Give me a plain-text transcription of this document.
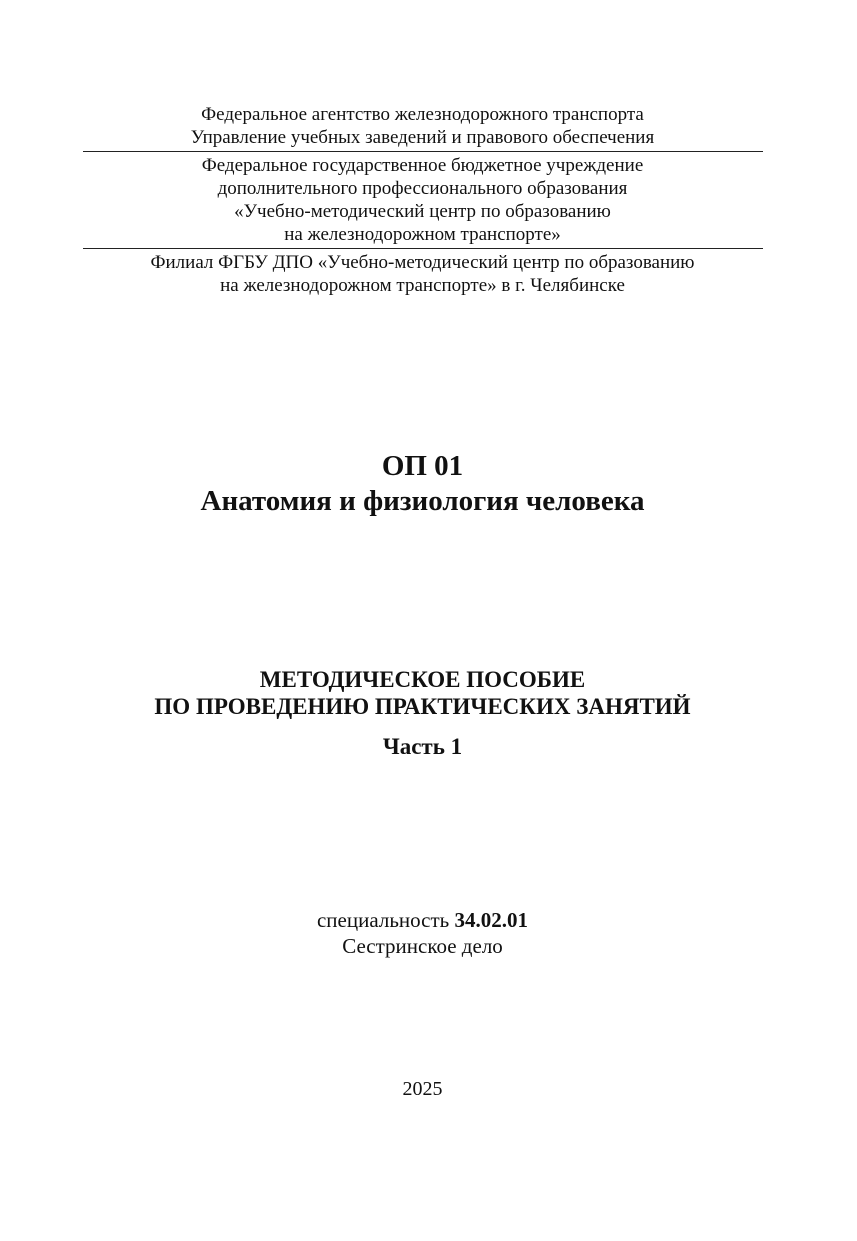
Федеральное агентство железнодорожного транспорта
Управление учебных заведений и правового обеспечения
Федеральное государственное бюджетное учреждение
дополнительного профессионального образования
«Учебно-методический центр по образованию
на железнодорожном транспорте»
Филиал ФГБУ ДПО «Учебно-методический центр по образованию
на железнодорожном транспорте» в г. Челябинске
ОП 01
Анатомия и физиология человека
МЕТОДИЧЕСКОЕ ПОСОБИЕ
ПО ПРОВЕДЕНИЮ ПРАКТИЧЕСКИХ ЗАНЯТИЙ
Часть 1
специальность 34.02.01
Сестринское дело
2025
